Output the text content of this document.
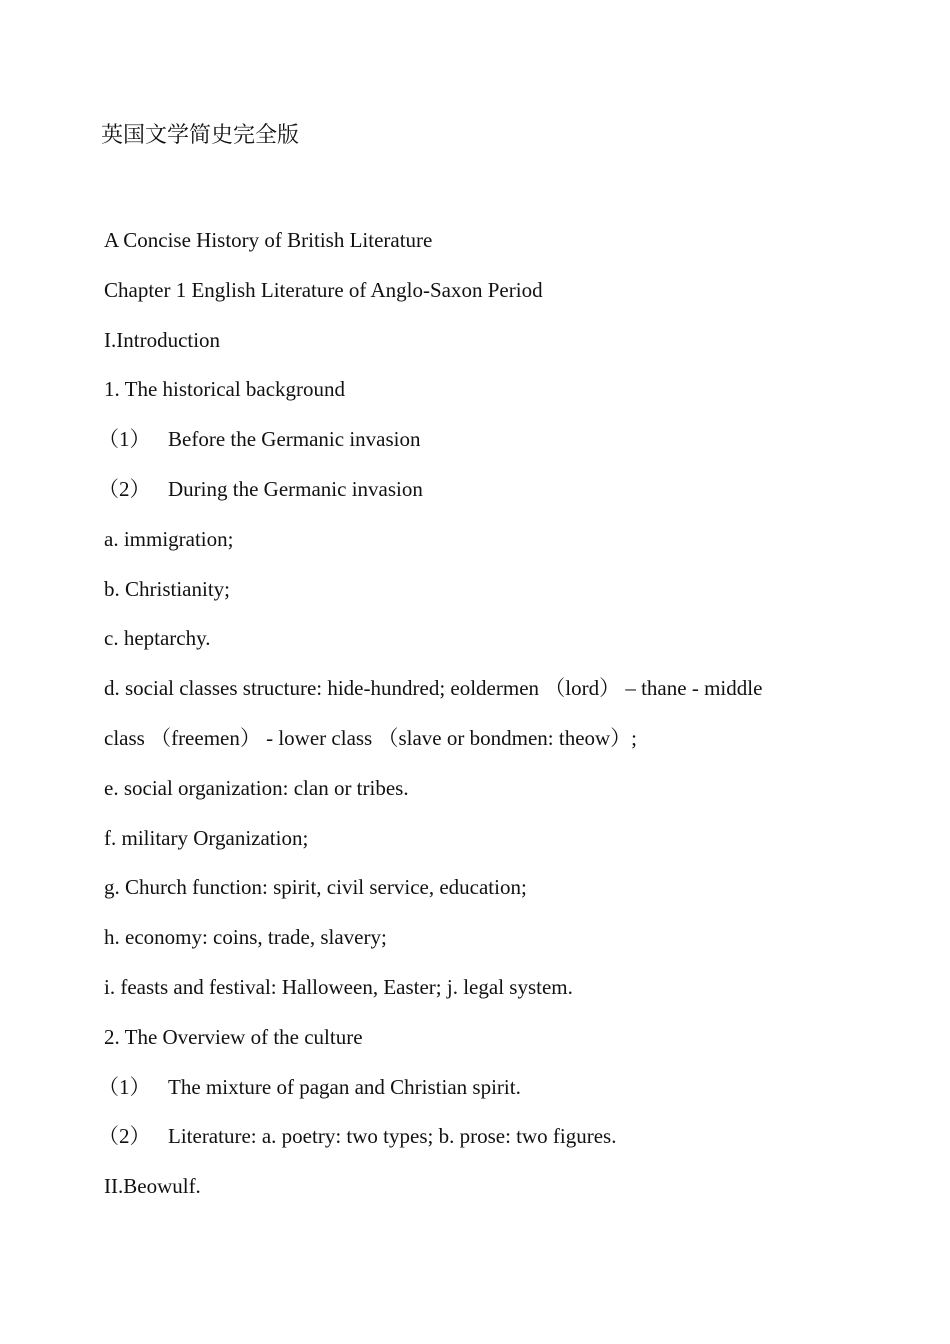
英国文学简史完全版
A Concise History of British Literature
Chapter 1 English Literature of Anglo-Saxon Period
I.Introduction
1. The historical background
（1） Before the Germanic invasion
（2） During the Germanic invasion
a. immigration;
b. Christianity;
c. heptarchy.
d. social classes structure: hide-hundred; eoldermen （lord） – thane - middle
class （freemen） - lower class （slave or bondmen: theow）;
e. social organization: clan or tribes.
f. military Organization;
g. Church function: spirit, civil service, education;
h. economy: coins, trade, slavery;
i. feasts and festival: Halloween, Easter; j. legal system.
2. The Overview of the culture
（1） The mixture of pagan and Christian spirit.
（2） Literature: a. poetry: two types; b. prose: two figures.
II.Beowulf.
